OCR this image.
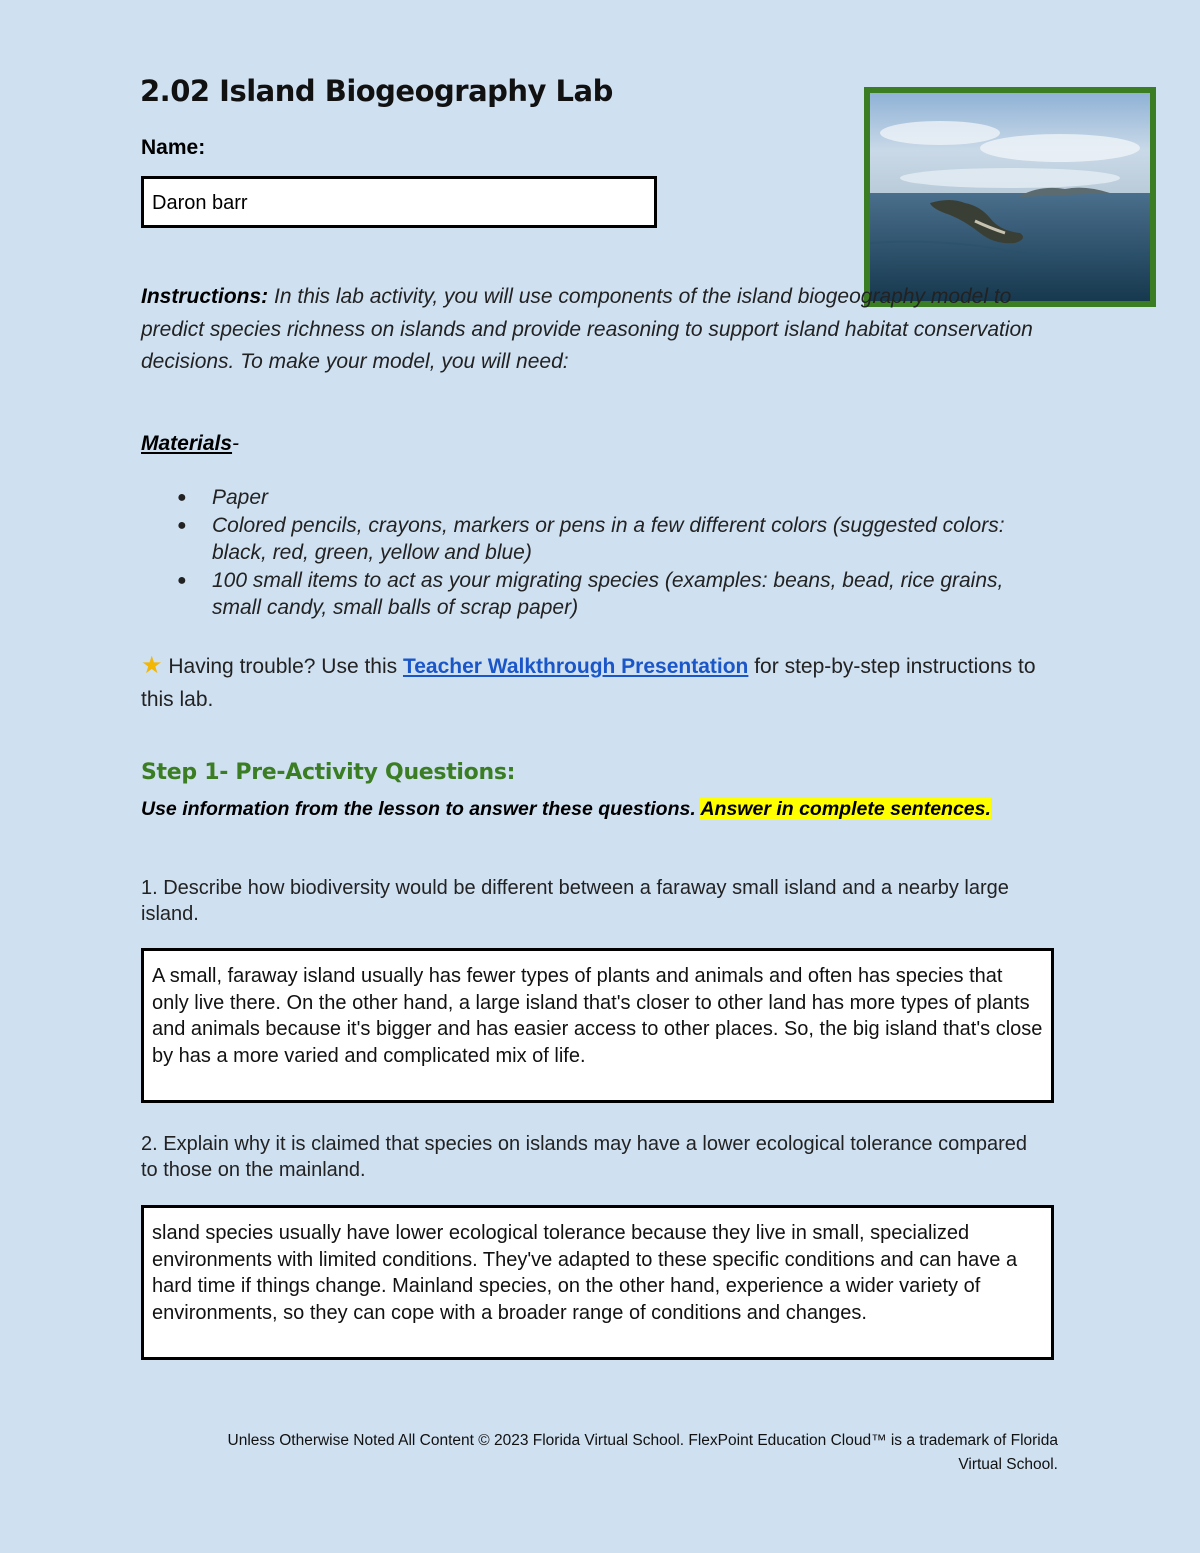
2.02 Island Biogeography Lab
Name:
Daron barr
Instructions: In this lab activity, you will use components of the island biogeography model to predict species richness on islands and provide reasoning to support island habitat conservation decisions. To make your model, you will need:
Materials-
● Paper
● Colored pencils, crayons, markers or pens in a few different colors (suggested colors: black, red, green, yellow and blue)
● 100 small items to act as your migrating species (examples: beans, bead, rice grains, small candy, small balls of scrap paper)
★ Having trouble? Use this Teacher Walkthrough Presentation for step-by-step instructions to this lab.
Step 1- Pre-Activity Questions:
Use information from the lesson to answer these questions. Answer in complete sentences.
1. Describe how biodiversity would be different between a faraway small island and a nearby large island.
A small, faraway island usually has fewer types of plants and animals and often has species that only live there. On the other hand, a large island that's closer to other land has more types of plants and animals because it's bigger and has easier access to other places. So, the big island that's close by has a more varied and complicated mix of life.
2. Explain why it is claimed that species on islands may have a lower ecological tolerance compared to those on the mainland.
sland species usually have lower ecological tolerance because they live in small, specialized environments with limited conditions. They've adapted to these specific conditions and can have a hard time if things change. Mainland species, on the other hand, experience a wider variety of environments, so they can cope with a broader range of conditions and changes.
Unless Otherwise Noted All Content © 2023 Florida Virtual School. FlexPoint Education Cloud™ is a trademark of Florida
Virtual School.
